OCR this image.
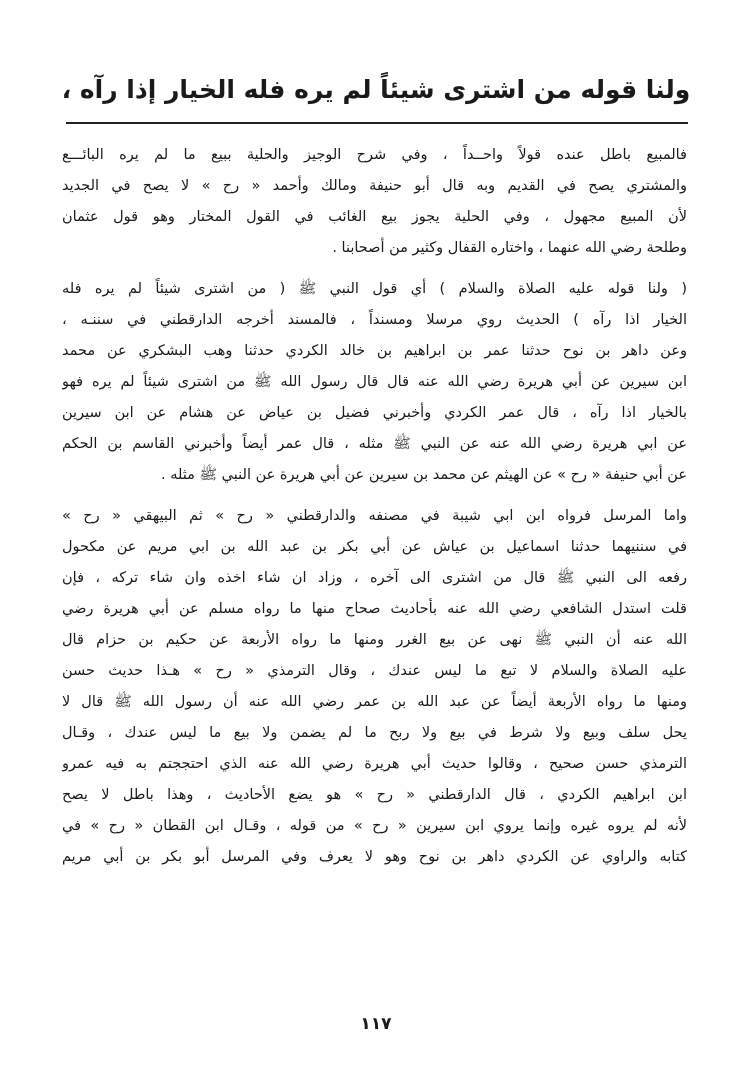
ولنا قوله من اشترى شيئاً لم يره فله الخيار إذا رآه ،
فالمبيع باطل عنده قولاً واحــداً ، وفي شرح الوجيز والحلية ببيع ما لم يره البائـــع
والمشتري يصح في القديم وبه قال أبو حنيفة ومالك وأحمد « رح » لا يصح في الجديد
لأن المبيع مجهول ، وفي الحلية يجوز بيع الغائب في القول المختار وهو قول عثمان
وطلحة رضي الله عنهما ، واختاره القفال وكثير من أصحابنا .
( ولنا قوله عليه الصلاة والسلام ) أي قول النبي ﷺ ( من اشترى شيئاً لم يره فله
الخيار اذا رآه ) الحديث روي مرسلا ومسنداً ، فالمسند أخرجه الدارقطني في سننـه ،
وعن داهر بن نوح حدثنا عمر بن ابراهيم بن خالد الكردي حدثنا وهب البشكري عن محمد
ابن سيرين عن أبي هريرة رضي الله عنه قال قال رسول الله ﷺ من اشترى شيئاً لم يره فهو
بالخيار اذا رآه ، قال عمر الكردي وأخبرني فضيل بن عياض عن هشام عن ابن سيرين
عن ابي هريرة رضي الله عنه عن النبي ﷺ مثله ، قال عمر أيضاً وأخبرني القاسم بن الحكم
عن أبي حنيفة « رح » عن الهيثم عن محمد بن سيرين عن أبي هريرة عن النبي ﷺ مثله .
واما المرسل فرواه ابن ابي شيبة في مصنفه والدارقطني « رح » ثم البيهقي « رح »
في سننيهما حدثنا اسماعيل بن عياش عن أبي بكر بن عبد الله بن ابي مريم عن مكحول
رفعه الى النبي ﷺ قال من اشترى الى آخره ، وزاد ان شاء اخذه وان شاء تركه ، فإن
قلت استدل الشافعي رضي الله عنه بأحاديث صحاح منها ما رواه مسلم عن أبي هريرة رضي
الله عنه أن النبي ﷺ نهى عن بيع الغرر ومنها ما رواه الأربعة عن حكيم بن حزام قال
عليه الصلاة والسلام لا تبع ما ليس عندك ، وقال الترمذي « رح » هـذا حديث حسن
ومنها ما رواه الأربعة أيضاً عن عبد الله بن عمر رضي الله عنه أن رسول الله ﷺ قال لا
يحل سلف وبيع ولا شرط في بيع ولا ربح ما لم يضمن ولا بيع ما ليس عندك ، وقـال
الترمذي حسن صحيح ، وقالوا حديث أبي هريرة رضي الله عنه الذي احتججتم به فيه عمرو
ابن ابراهيم الكردي ، قال الدارقطني « رح » هو يضع الأحاديث ، وهذا باطل لا يصح
لأنه لم يروه غيره وإنما يروي ابن سيرين « رح » من قوله ، وقـال ابن القطان « رح » في
كتابه والراوي عن الكردي داهر بن نوح وهو لا يعرف وفي المرسل أبو بكر بن أبي مريم
١١٧
